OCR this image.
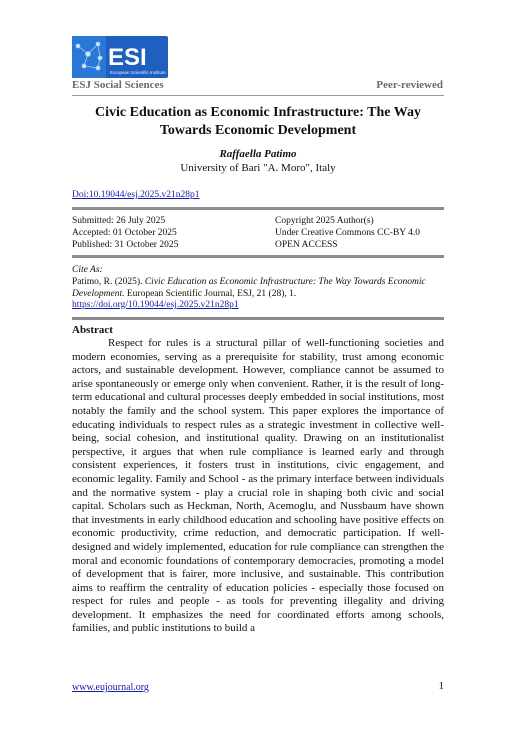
ESI
European Scientific Institute
ESJ Social Sciences	Peer-reviewed
Civic Education as Economic Infrastructure: The Way
Towards Economic Development
Raffaella Patimo
University of Bari "A. Moro", Italy
Doi:10.19044/esj.2025.v21n28p1
Submitted: 26 July 2025
Accepted: 01 October 2025
Published: 31 October 2025
Copyright 2025 Author(s)
Under Creative Commons CC-BY 4.0
OPEN ACCESS
Cite As:
Patimo, R. (2025). Civic Education as Economic Infrastructure: The Way Towards Economic Development. European Scientific Journal, ESJ, 21 (28), 1.
https://doi.org/10.19044/esj.2025.v21n28p1
Abstract
Respect for rules is a structural pillar of well-functioning societies and modern economies, serving as a prerequisite for stability, trust among economic actors, and sustainable development. However, compliance cannot be assumed to arise spontaneously or emerge only when convenient. Rather, it is the result of long-term educational and cultural processes deeply embedded in social institutions, most notably the family and the school system. This paper explores the importance of educating individuals to respect rules as a strategic investment in collective well-being, social cohesion, and institutional quality. Drawing on an institutionalist perspective, it argues that when rule compliance is learned early and through consistent experiences, it fosters trust in institutions, civic engagement, and economic legality. Family and School - as the primary interface between individuals and the normative system - play a crucial role in shaping both civic and social capital. Scholars such as Heckman, North, Acemoglu, and Nussbaum have shown that investments in early childhood education and schooling have positive effects on economic productivity, crime reduction, and democratic participation. If well-designed and widely implemented, education for rule compliance can strengthen the moral and economic foundations of contemporary democracies, promoting a model of development that is fairer, more inclusive, and sustainable. This contribution aims to reaffirm the centrality of education policies - especially those focused on respect for rules and people - as tools for preventing illegality and driving development. It emphasizes the need for coordinated efforts among schools, families, and public institutions to build a
www.eujournal.org	1
